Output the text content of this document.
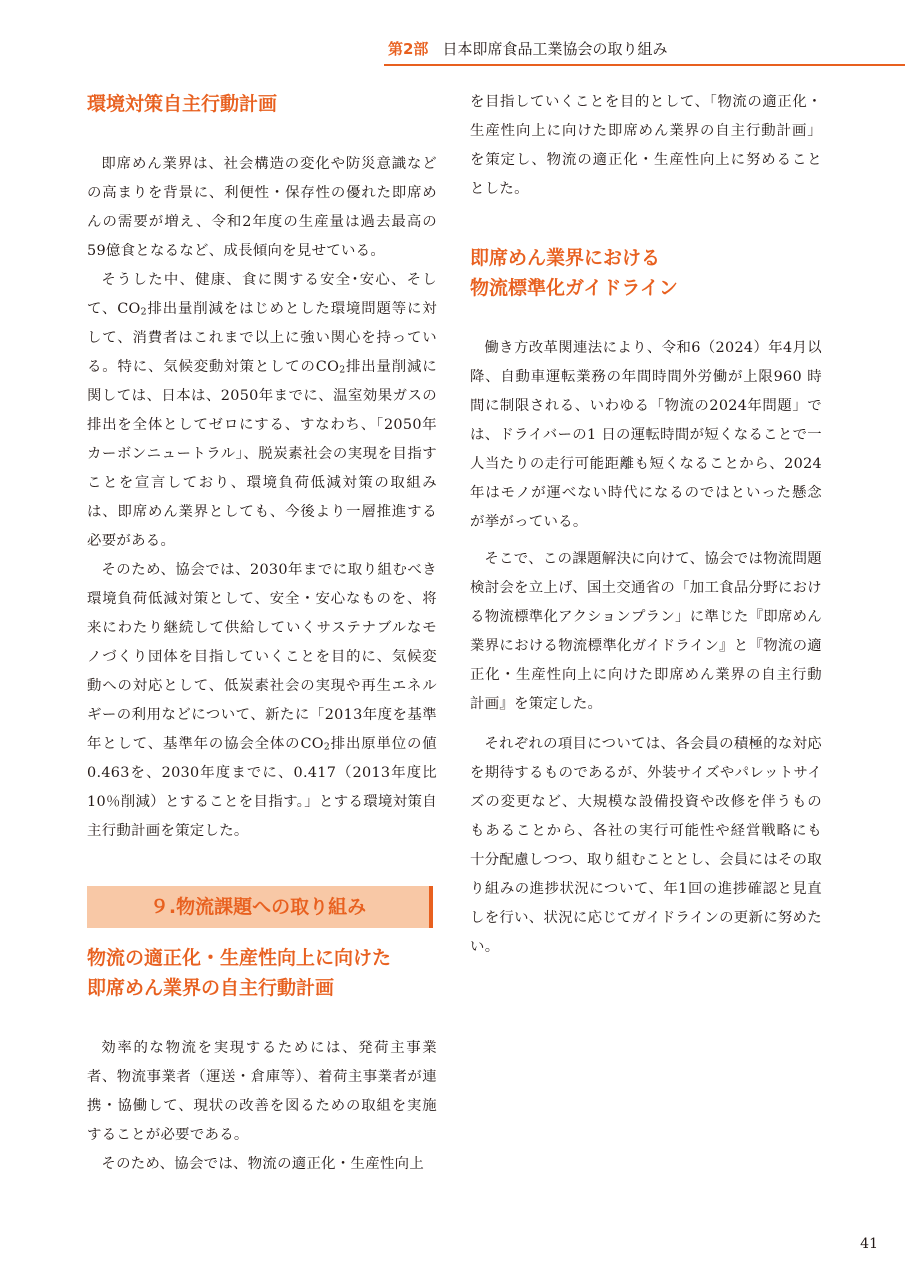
第2部 日本即席食品工業協会の取り組み
環境対策自主行動計画

即席めん業界は、社会構造の変化や防災意識などの高まりを背景に、利便性・保存性の優れた即席めんの需要が増え、令和2年度の生産量は過去最高の59億食となるなど、成長傾向を見せている。

そうした中、健康、食に関する安全･安心、そして、$CO_2$排出量削減をはじめとした環境問題等に対して、消費者はこれまで以上に強い関心を持っている。特に、気候変動対策としての$CO_2$排出量削減に関しては、日本は、2050年までに、温室効果ガスの排出を全体としてゼロにする、すなわち、「2050年カーボンニュートラル」、脱炭素社会の実現を目指すことを宣言しており、環境負荷低減対策の取組みは、即席めん業界としても、今後より一層推進する必要がある。

そのため、協会では、2030年までに取り組むべき環境負荷低減対策として、安全・安心なものを、将来にわたり継続して供給していくサステナブルなモノづくり団体を目指していくことを目的に、気候変動への対応として、低炭素社会の実現や再生エネルギーの利用などについて、新たに「2013年度を基準年として、基準年の協会全体の$CO_2$排出原単位の値0.463を、2030年度までに、0.417（2013年度比10％削減）とすることを目指す。」とする環境対策自主行動計画を策定した。

物流の適正化・生産性向上に向けた
即席めん業界の自主行動計画

効率的な物流を実現するためには、発荷主事業者、物流事業者（運送・倉庫等）、着荷主事業者が連携・協働して、現状の改善を図るための取組を実施することが必要である。

そのため、協会では、物流の適正化・生産性向上

９.物流課題への取り組み

を目指していくことを目的として、「物流の適正化・生産性向上に向けた即席めん業界の自主行動計画」を策定し、物流の適正化・生産性向上に努めることとした。

即席めん業界における
物流標準化ガイドライン

働き方改革関連法により、令和6（2024）年4月以降、自動車運転業務の年間時間外労働が上限960 時間に制限される、いわゆる「物流の2024年問題」では、ドライバーの1 日の運転時間が短くなることで一人当たりの走行可能距離も短くなることから、2024年はモノが運べない時代になるのではといった懸念が挙がっている。

そこで、この課題解決に向けて、協会では物流問題検討会を立上げ、国土交通省の「加工食品分野における物流標準化アクションプラン」に準じた『即席めん業界における物流標準化ガイドライン』と『物流の適正化・生産性向上に向けた即席めん業界の自主行動計画』を策定した。

それぞれの項目については、各会員の積極的な対応を期待するものであるが、外装サイズやパレットサイズの変更など、大規模な設備投資や改修を伴うものもあることから、各社の実行可能性や経営戦略にも十分配慮しつつ、取り組むこととし、会員にはその取り組みの進捗状況について、年1回の進捗確認と見直しを行い、状況に応じてガイドラインの更新に努めたい。

41
